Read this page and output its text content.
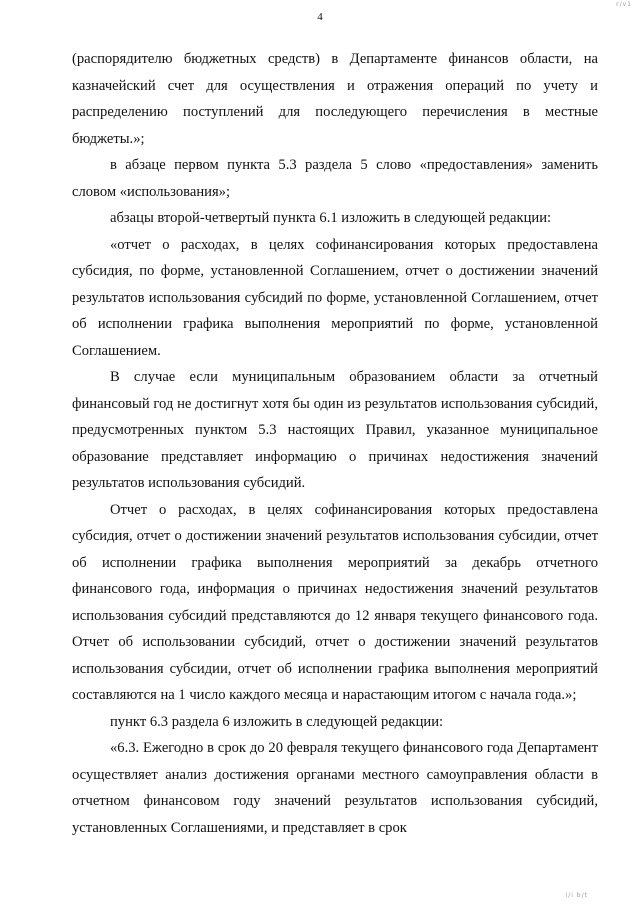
r/v1
4

(распорядителю бюджетных средств) в Департаменте финансов области, на казначейский счет для осуществления и отражения операций по учету и распределению поступлений для последующего перечисления в местные бюджеты.»;

в абзаце первом пункта 5.3 раздела 5 слово «предоставления» заменить словом «использования»;

абзацы второй-четвертый пункта 6.1 изложить в следующей редакции:

«отчет о расходах, в целях софинансирования которых предоставлена субсидия, по форме, установленной Соглашением, отчет о достижении значений результатов использования субсидий по форме, установленной Соглашением, отчет об исполнении графика выполнения мероприятий по форме, установленной Соглашением.

В случае если муниципальным образованием области за отчетный финансовый год не достигнут хотя бы один из результатов использования субсидий, предусмотренных пунктом 5.3 настоящих Правил, указанное муниципальное образование представляет информацию о причинах недостижения значений результатов использования субсидий.

Отчет о расходах, в целях софинансирования которых предоставлена субсидия, отчет о достижении значений результатов использования субсидии, отчет об исполнении графика выполнения мероприятий за декабрь отчетного финансового года, информация о причинах недостижения значений результатов использования субсидий представляются до 12 января текущего финансового года. Отчет об использовании субсидий, отчет о достижении значений результатов использования субсидии, отчет об исполнении графика выполнения мероприятий составляются на 1 число каждого месяца и нарастающим итогом с начала года.»;

пункт 6.3 раздела 6 изложить в следующей редакции:

«6.3. Ежегодно в срок до 20 февраля текущего финансового года Департамент осуществляет анализ достижения органами местного самоуправления области в отчетном финансовом году значений результатов использования субсидий, установленных Соглашениями, и представляет в срок

i/i b/t
